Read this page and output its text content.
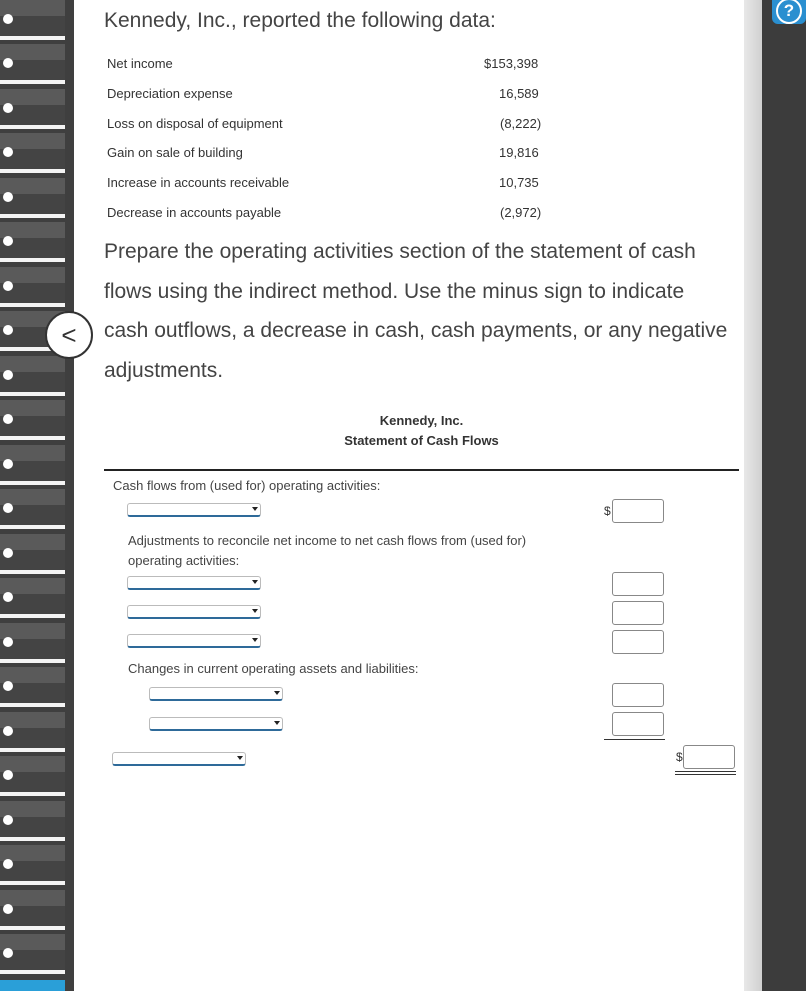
?
<
Kennedy, Inc., reported the following data:
Net income	$153,398
Depreciation expense	16,589
Loss on disposal of equipment	(8,222)
Gain on sale of building	19,816
Increase in accounts receivable	10,735
Decrease in accounts payable	(2,972)
Prepare the operating activities section of the statement of cash flows using the indirect method. Use the minus sign to indicate cash outflows, a decrease in cash, cash payments, or any negative adjustments.
Kennedy, Inc.
Statement of Cash Flows
Cash flows from (used for) operating activities:
$
Adjustments to reconcile net income to net cash flows from (used for) operating activities:
Changes in current operating assets and liabilities:
$
